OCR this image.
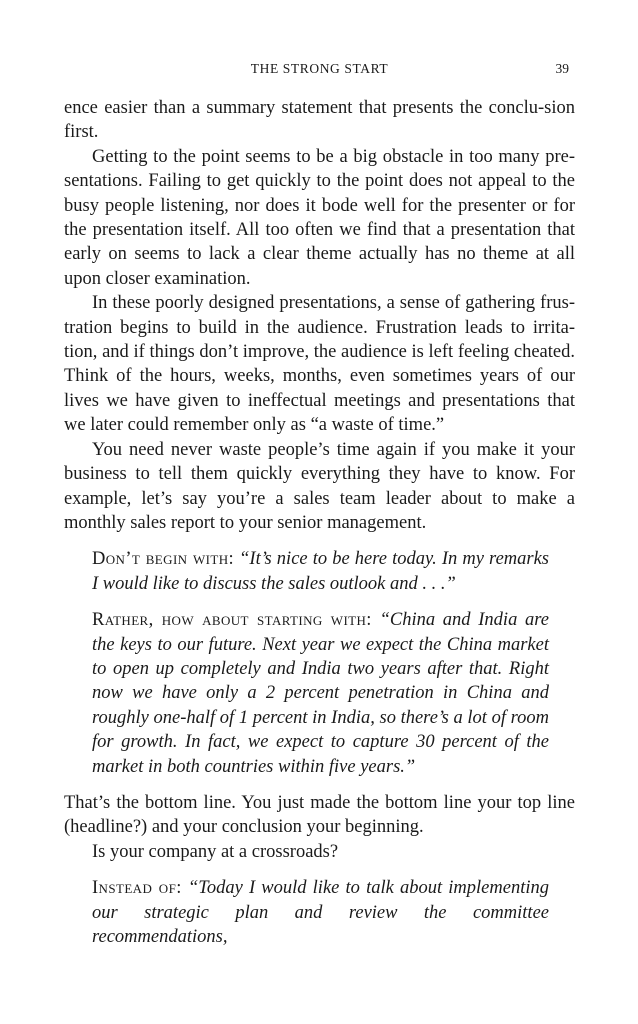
THE STRONG START	39

ence easier than a summary statement that presents the conclu-sion first.

Getting to the point seems to be a big obstacle in too many pre-sentations. Failing to get quickly to the point does not appeal to the busy people listening, nor does it bode well for the presenter or for the presentation itself. All too often we find that a presentation that early on seems to lack a clear theme actually has no theme at all upon closer examination.

In these poorly designed presentations, a sense of gathering frus-tration begins to build in the audience. Frustration leads to irrita-tion, and if things don’t improve, the audience is left feeling cheated. Think of the hours, weeks, months, even sometimes years of our lives we have given to ineffectual meetings and presentations that we later could remember only as “a waste of time.”

You need never waste people’s time again if you make it your business to tell them quickly everything they have to know. For example, let’s say you’re a sales team leader about to make a monthly sales report to your senior management.

Don’t begin with: “It’s nice to be here today. In my remarks I would like to discuss the sales outlook and . . .”
Rather, how about starting with: “China and India are the keys to our future. Next year we expect the China market to open up completely and India two years after that. Right now we have only a 2 percent penetration in China and roughly one-half of 1 percent in India, so there’s a lot of room for growth. In fact, we expect to capture 30 percent of the market in both countries within five years.”

That’s the bottom line. You just made the bottom line your top line (headline?) and your conclusion your beginning.

Is your company at a crossroads?

Instead of: “Today I would like to talk about implementing our strategic plan and review the committee recommendations,
